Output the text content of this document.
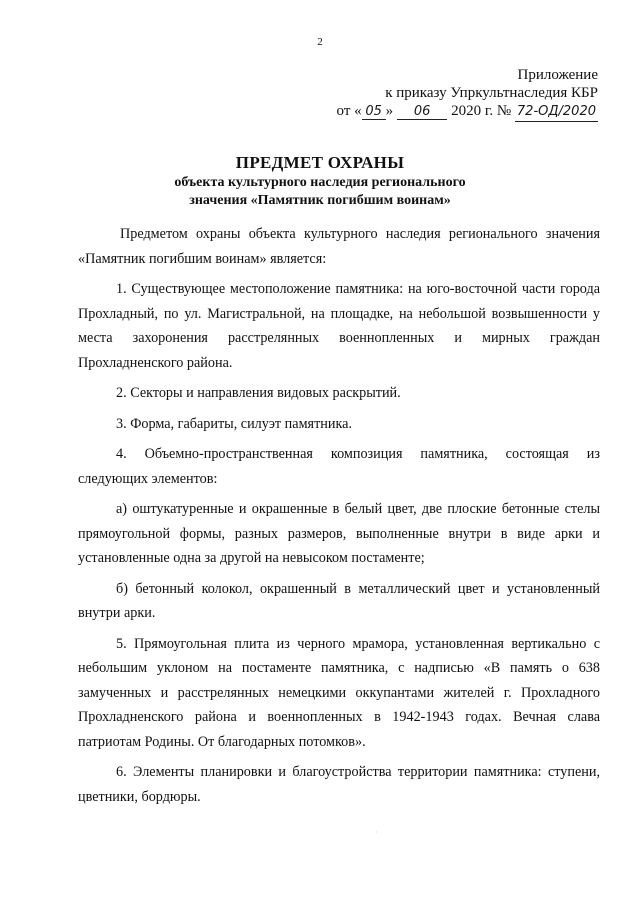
2
Приложение
к приказу Упркультнаследия КБР
от « 05 » 06 2020 г. № 72-ОД/2020
ПРЕДМЕТ ОХРАНЫ
объекта культурного наследия регионального
значения «Памятник погибшим воинам»

Предметом охраны объекта культурного наследия регионального значения «Памятник погибшим воинам» является:

1. Существующее местоположение памятника: на юго-восточной части города Прохладный, по ул. Магистральной, на площадке, на небольшой возвышенности у места захоронения расстрелянных военнопленных и мирных граждан Прохладненского района.

2. Секторы и направления видовых раскрытий.

3. Форма, габариты, силуэт памятника.

4. Объемно-пространственная композиция памятника, состоящая из следующих элементов:

а) оштукатуренные и окрашенные в белый цвет, две плоские бетонные стелы прямоугольной формы, разных размеров, выполненные внутри в виде арки и установленные одна за другой на невысоком постаменте;

б) бетонный колокол, окрашенный в металлический цвет и установленный внутри арки.

5. Прямоугольная плита из черного мрамора, установленная вертикально с небольшим уклоном на постаменте памятника, с надписью «В память о 638 замученных и расстрелянных немецкими оккупантами жителей г. Прохладного Прохладненского района и военнопленных в 1942-1943 годах. Вечная слава патриотам Родины. От благодарных потомков».

6. Элементы планировки и благоустройства территории памятника: ступени, цветники, бордюры.

·
